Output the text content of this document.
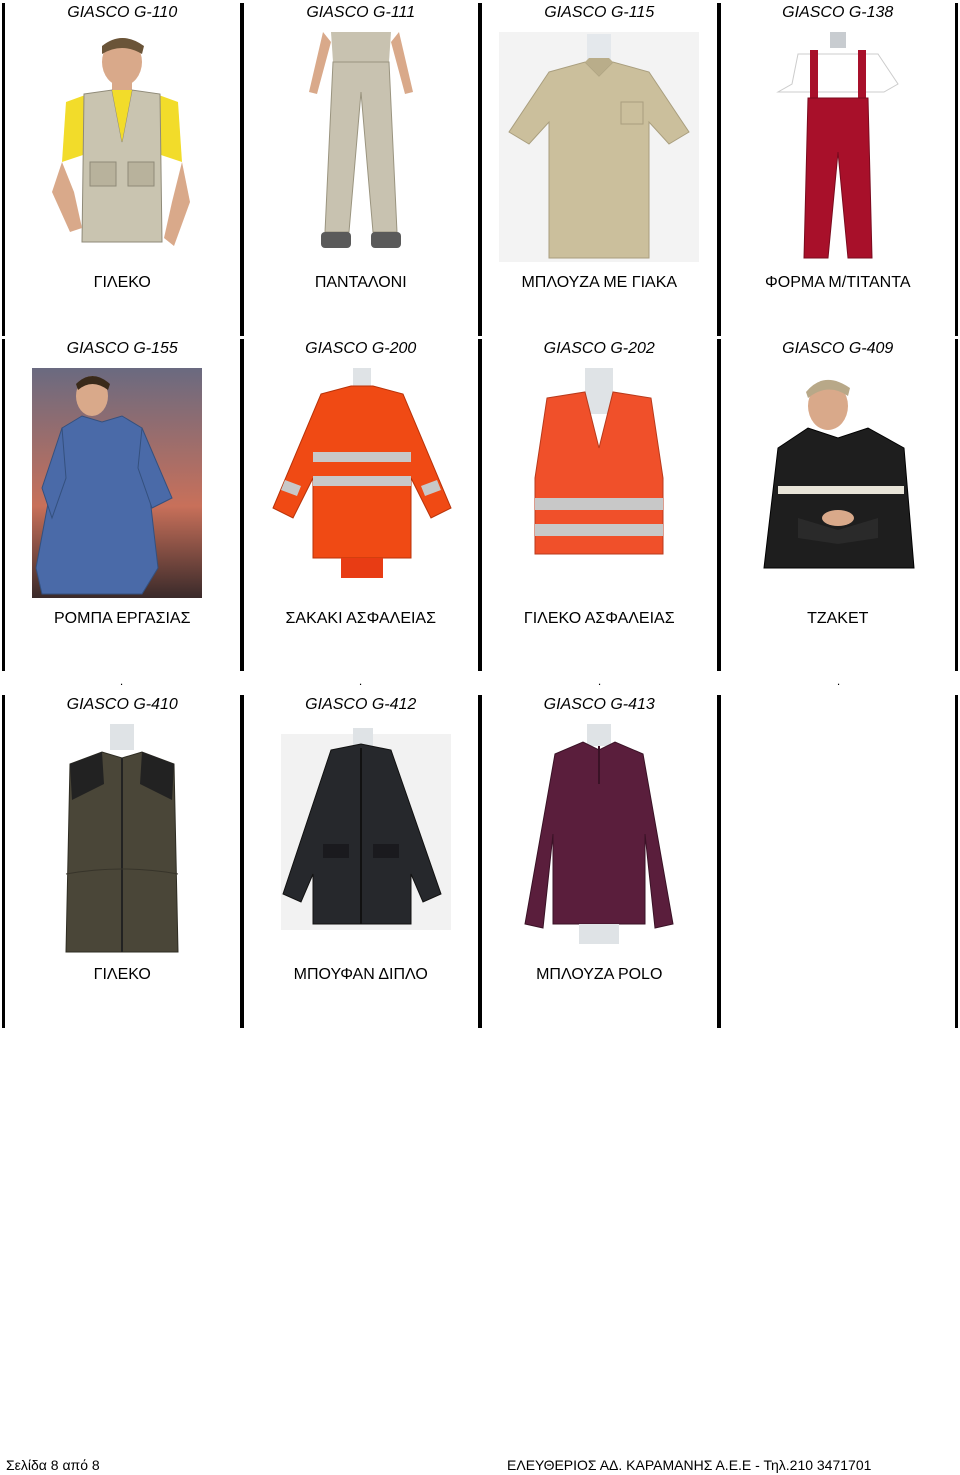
GIASCO G-110
ΓΙΛΕΚΟ
GIASCO G-111
ΠΑΝΤΑΛΟΝΙ
GIASCO G-115
ΜΠΛΟΥΖΑ ΜΕ ΓΙΑΚΑ
GIASCO G-138
ΦΟΡΜΑ Μ/ΤΙΤΑΝΤΑ
GIASCO G-155
ΡΟΜΠΑ ΕΡΓΑΣΙΑΣ
GIASCO G-200
ΣΑΚΑΚΙ ΑΣΦΑΛΕΙΑΣ
GIASCO G-202
ΓΙΛΕΚΟ ΑΣΦΑΛΕΙΑΣ
GIASCO G-409
ΤΖΑΚΕΤ
.	.	.	.
GIASCO G-410
ΓΙΛΕΚΟ
GIASCO G-412
ΜΠΟΥΦΑΝ ΔΙΠΛΟ
GIASCO G-413
ΜΠΛΟΥΖΑ POLO
Σελίδα 8 από 8	ΕΛΕΥΘΕΡΙΟΣ ΑΔ. ΚΑΡΑΜΑΝΗΣ Α.Ε.Ε - Τηλ.210 3471701
